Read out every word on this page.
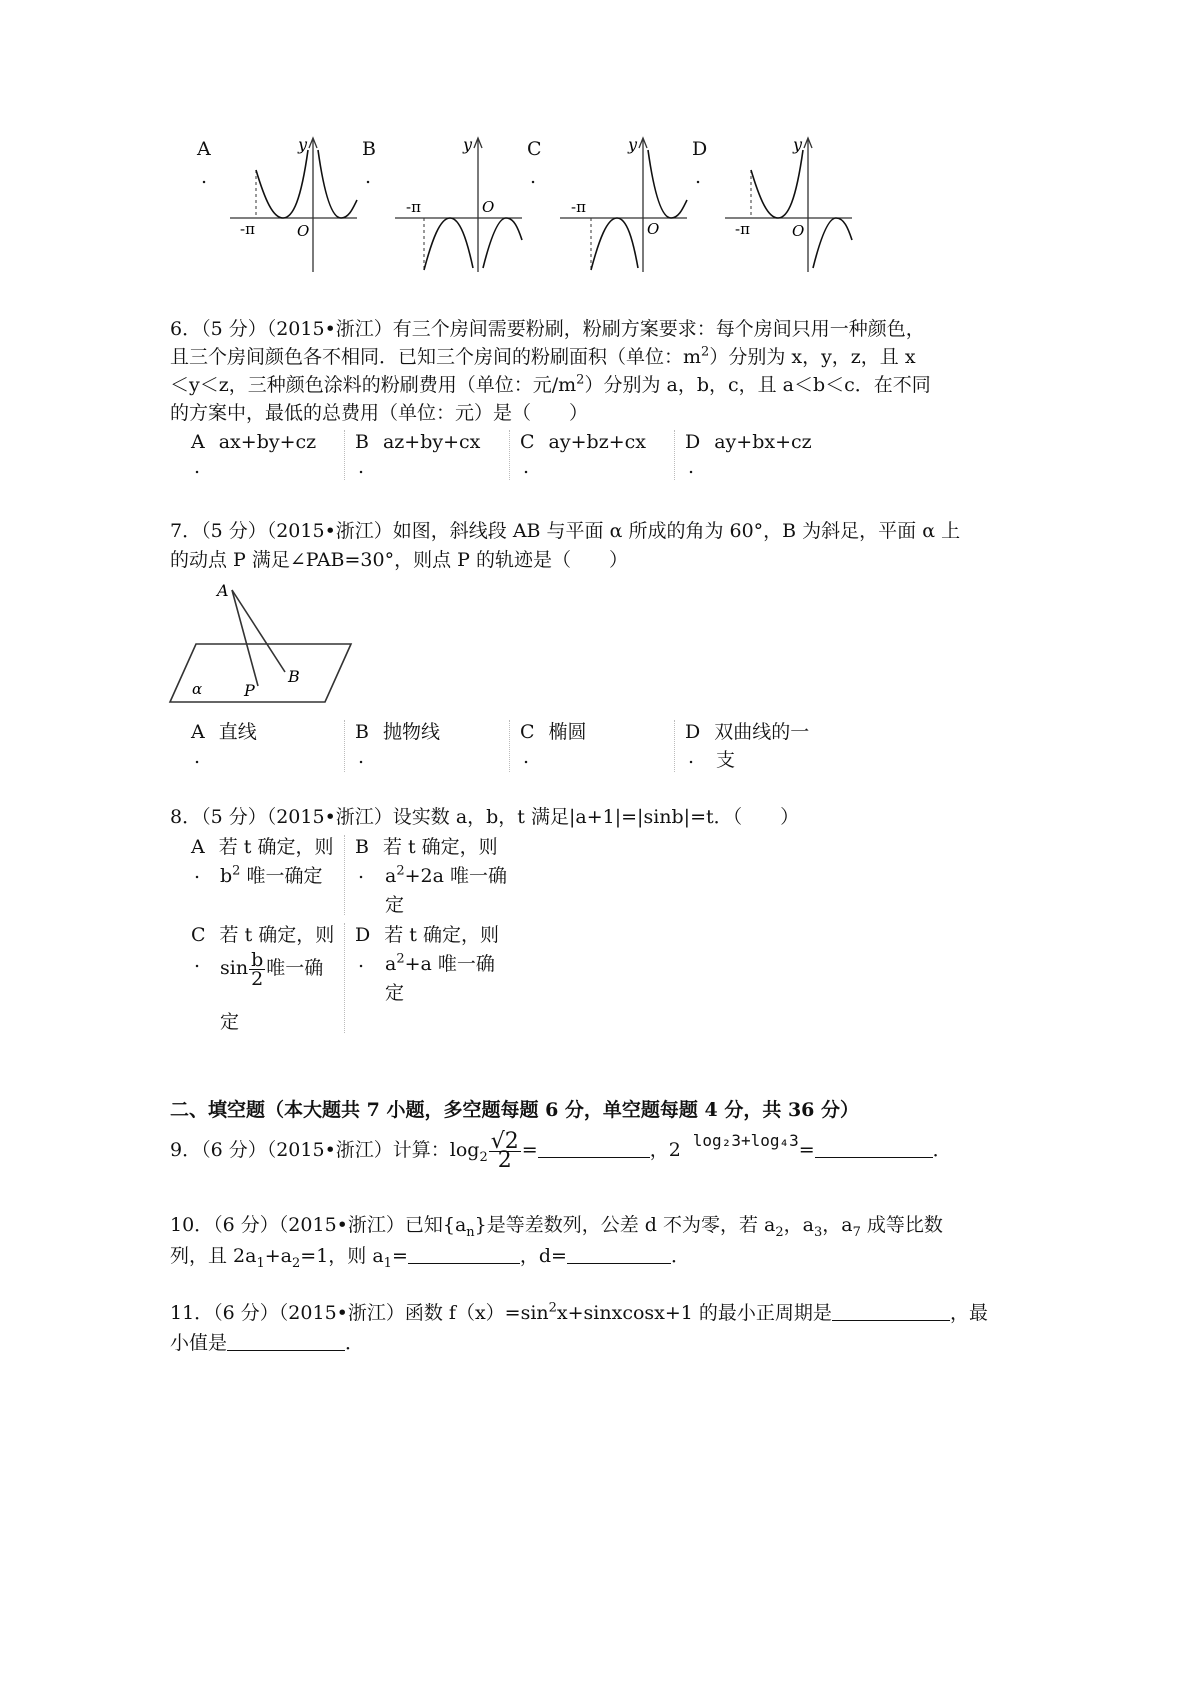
A
.
B
.
C
.
D
.
y
O
-π
y
O
-π
y
O
-π
y
O
-π
6．（5 分）（2015•浙江）有三个房间需要粉刷，粉刷方案要求：每个房间只用一种颜色，
且三个房间颜色各不相同．已知三个房间的粉刷面积（单位：$m^2$）分别为 x，y，z，且 x
＜y＜z，三种颜色涂料的粉刷费用（单位：元$/m^2$）分别为 a，b，c，且 a＜b＜c．在不同
的方案中，最低的总费用（单位：元）是（　　）
A ax+by+cz
.
B az+by+cx
.
C ay+bz+cx
.
D ay+bx+cz
.
7．（5 分）（2015•浙江）如图，斜线段 AB 与平面 α 所成的角为 60°，B 为斜足，平面 α 上
的动点 P 满足∠PAB=30°，则点 P 的轨迹是（　　）
A
B
P
α
A 直线
.
B 抛物线
.
C 椭圆
.
D 双曲线的一
. 支
8．（5 分）（2015•浙江）设实数 a，b，t 满足|a+1|=|sinb|=t．（　　）
A 若 t 确定，则
. $b^2$ 唯一确定
B 若 t 确定，则
. $a^2+2a$ 唯一确
定
C 若 t 确定，则
. $\sin \frac{b}{2}$ 唯一确
定
D 若 t 确定，则
. $a^2+a$ 唯一确
定
二、填空题（本大题共 7 小题，多空题每题 6 分，单空题每题 4 分，共 36 分）
9．（6 分）（2015•浙江）计算：$\log_2 \frac{√2}{2}$ =	，2 $^{log_23+log_43}$=	．
10．（6 分）（2015•浙江）已知$\{a_n\}$是等差数列，公差 d 不为零，若 $a_2$，$a_3$，$a_7$ 成等比数
列，且 $2a_1+a_2=1$，则 $a_1=$	，d=	．
11．（6 分）（2015•浙江）函数 $f(x)=\sin^2x+sinxcosx+1$ 的最小正周期是	，最
小值是	．
